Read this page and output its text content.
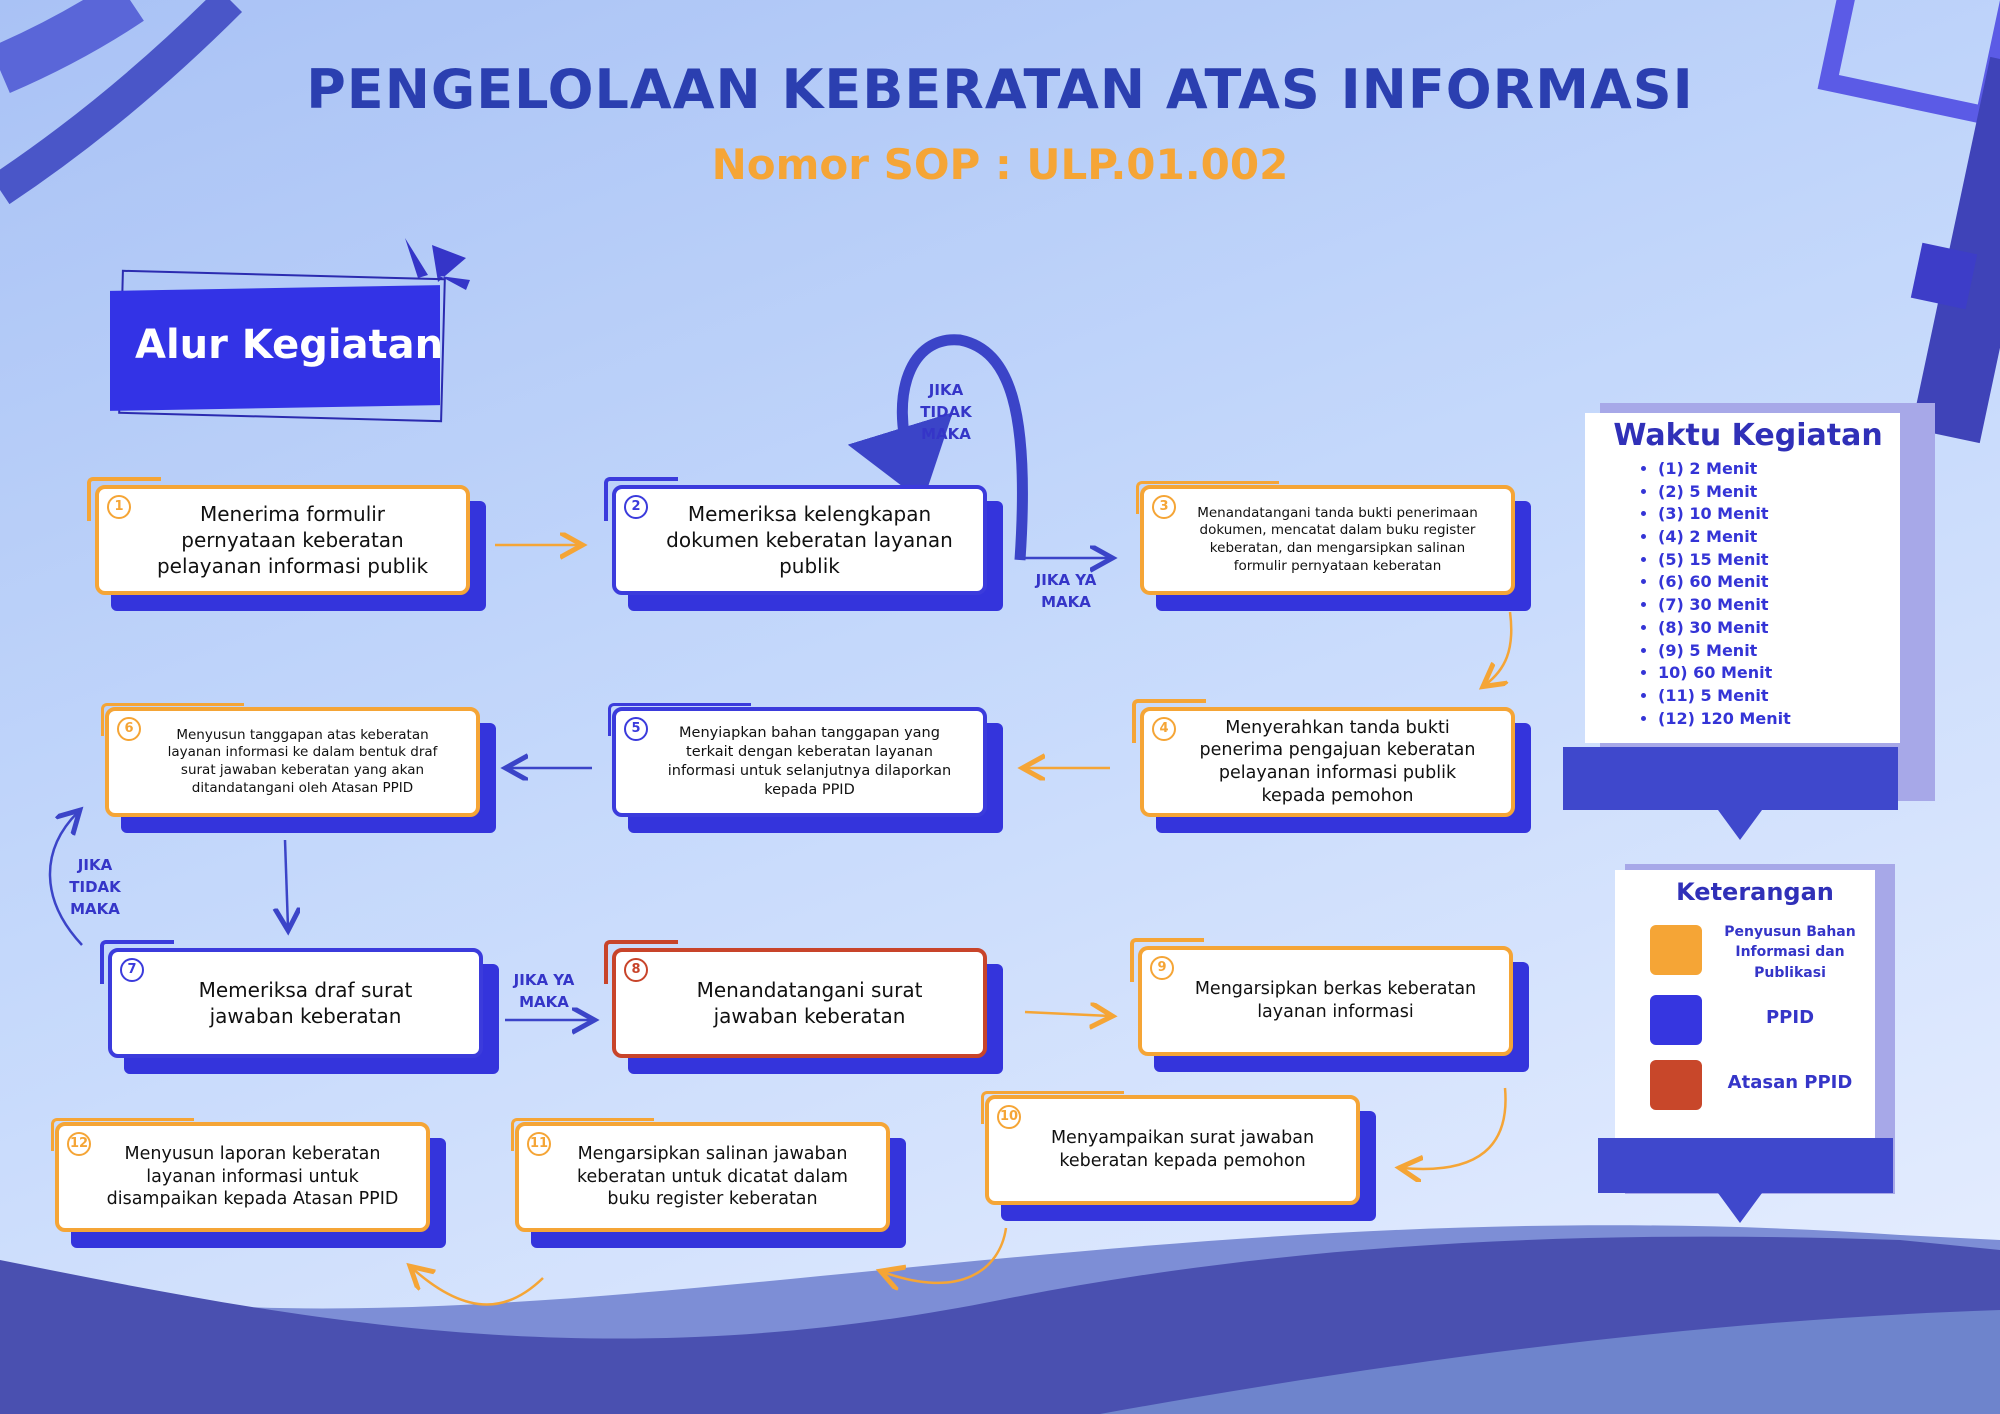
PENGELOLAAN KEBERATAN ATAS INFORMASI
Nomor SOP : ULP.01.002
Alur Kegiatan
JIKA TIDAK MAKA
JIKA YA MAKA
JIKA TIDAK MAKA
JIKA YA MAKA
1	Menerima formulir pernyataan keberatan pelayanan informasi publik
2	Memeriksa kelengkapan dokumen keberatan layanan publik
3	Menandatangani tanda bukti penerimaan dokumen, mencatat dalam buku register keberatan, dan mengarsipkan salinan formulir pernyataan keberatan
4	Menyerahkan tanda bukti penerima pengajuan keberatan pelayanan informasi publik kepada pemohon
5	Menyiapkan bahan tanggapan yang terkait dengan keberatan layanan informasi untuk selanjutnya dilaporkan kepada PPID
6	Menyusun tanggapan atas keberatan layanan informasi ke dalam bentuk draf surat jawaban keberatan yang akan ditandatangani oleh Atasan PPID
7
Memeriksa draf surat jawaban keberatan
8
Menandatangani surat jawaban keberatan
9
Mengarsipkan berkas keberatan layanan informasi
10
Menyampaikan surat jawaban keberatan kepada pemohon
11
Mengarsipkan salinan jawaban keberatan untuk dicatat dalam buku register keberatan
12
Menyusun laporan keberatan layanan informasi untuk disampaikan kepada Atasan PPID
Waktu Kegiatan
• (1) 2 Menit
• (2) 5 Menit
• (3) 10 Menit
• (4) 2 Menit
• (5) 15 Menit
• (6) 60 Menit
• (7) 30 Menit
• (8) 30 Menit
• (9) 5 Menit
• 10) 60 Menit
• (11) 5 Menit
• (12) 120 Menit
Keterangan
Penyusun Bahan Informasi dan Publikasi
PPID
Atasan PPID
